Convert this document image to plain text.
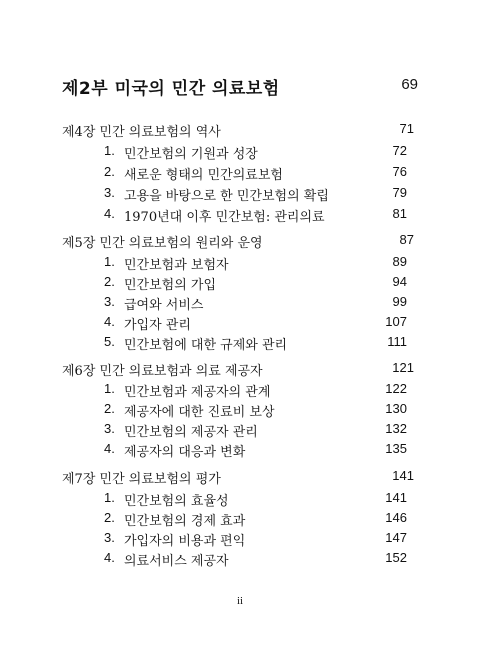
제2부 미국의 민간 의료보험	69
제4장 민간 의료보험의 역사	71
1. 민간보험의 기원과 성장	72
2. 새로운 형태의 민간의료보험	76
3. 고용을 바탕으로 한 민간보험의 확립	79
4. 1970년대 이후 민간보험: 관리의료	81
제5장 민간 의료보험의 원리와 운영	87
1. 민간보험과 보험자	89
2. 민간보험의 가입	94
3. 급여와 서비스	99
4. 가입자 관리	107
5. 민간보험에 대한 규제와 관리	111
제6장 민간 의료보험과 의료 제공자	121
1. 민간보험과 제공자의 관계	122
2. 제공자에 대한 진료비 보상	130
3. 민간보험의 제공자 관리	132
4. 제공자의 대응과 변화	135
제7장 민간 의료보험의 평가	141
1. 민간보험의 효율성	141
2. 민간보험의 경제 효과	146
3. 가입자의 비용과 편익	147
4. 의료서비스 제공자	152
ii
